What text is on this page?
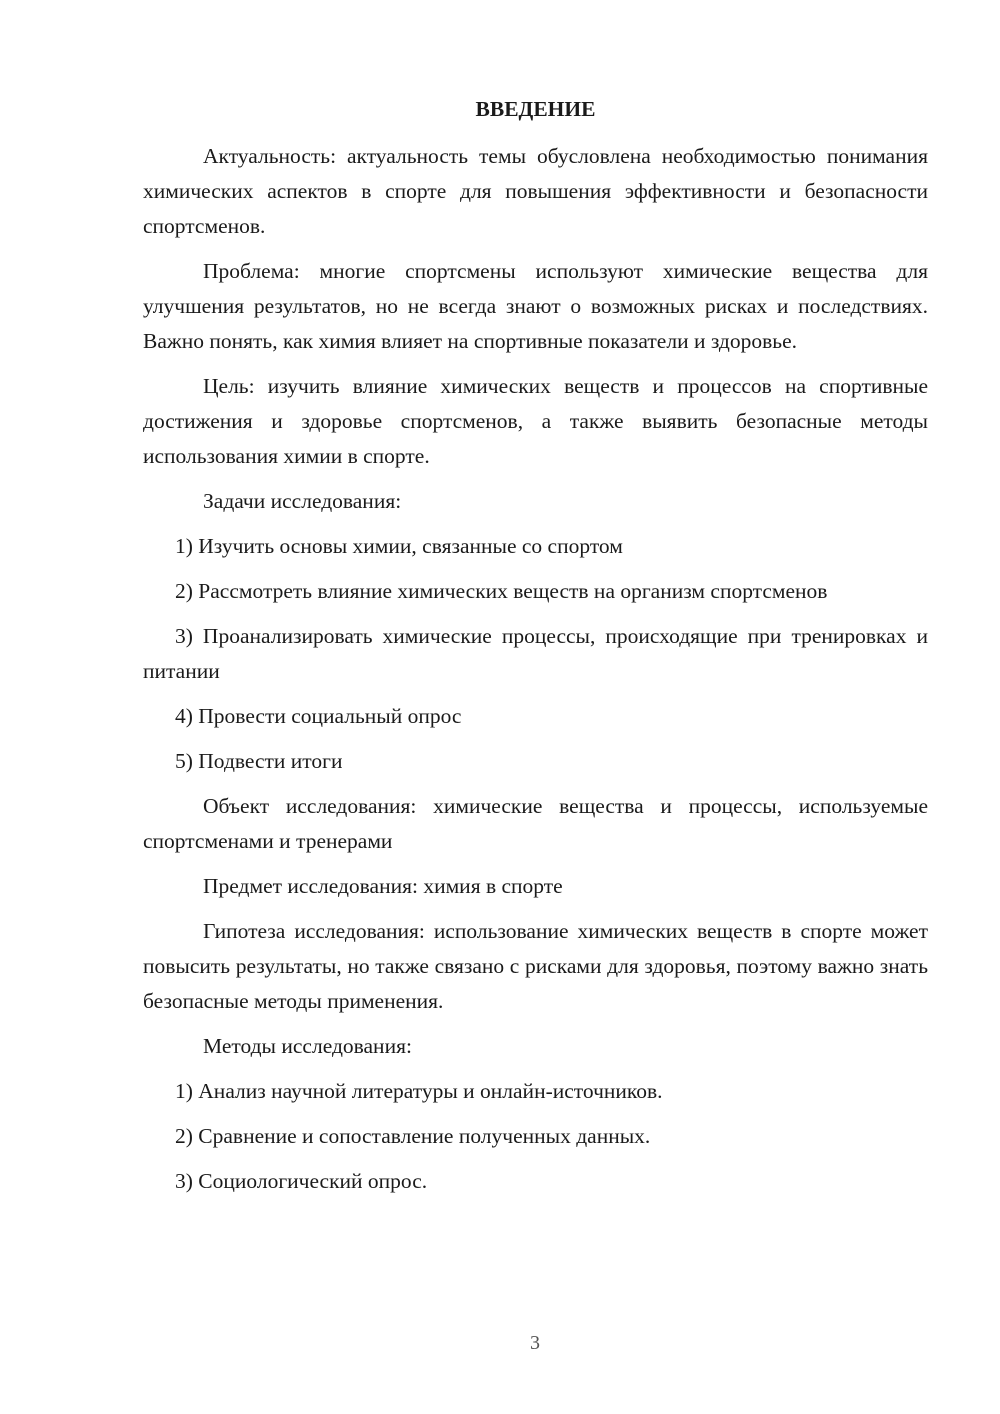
ВВЕДЕНИЕ

Актуальность: актуальность темы обусловлена необходимостью понимания химических аспектов в спорте для повышения эффективности и безопасности спортсменов.

Проблема: многие спортсмены используют химические вещества для улучшения результатов, но не всегда знают о возможных рисках и последствиях. Важно понять, как химия влияет на спортивные показатели и здоровье.

Цель: изучить влияние химических веществ и процессов на спортивные достижения и здоровье спортсменов, а также выявить безопасные методы использования химии в спорте.

Задачи исследования:

1) Изучить основы химии, связанные со спортом

2) Рассмотреть влияние химических веществ на организм спортсменов

3) Проанализировать химические процессы, происходящие при тренировках и питании

4) Провести социальный опрос

5) Подвести итоги

Объект исследования: химические вещества и процессы, используемые спортсменами и тренерами

Предмет исследования: химия в спорте

Гипотеза исследования: использование химических веществ в спорте может повысить результаты, но также связано с рисками для здоровья, поэтому важно знать безопасные методы применения.

Методы исследования:

1) Анализ научной литературы и онлайн-источников.

2) Сравнение и сопоставление полученных данных.

3) Социологический опрос.

3
